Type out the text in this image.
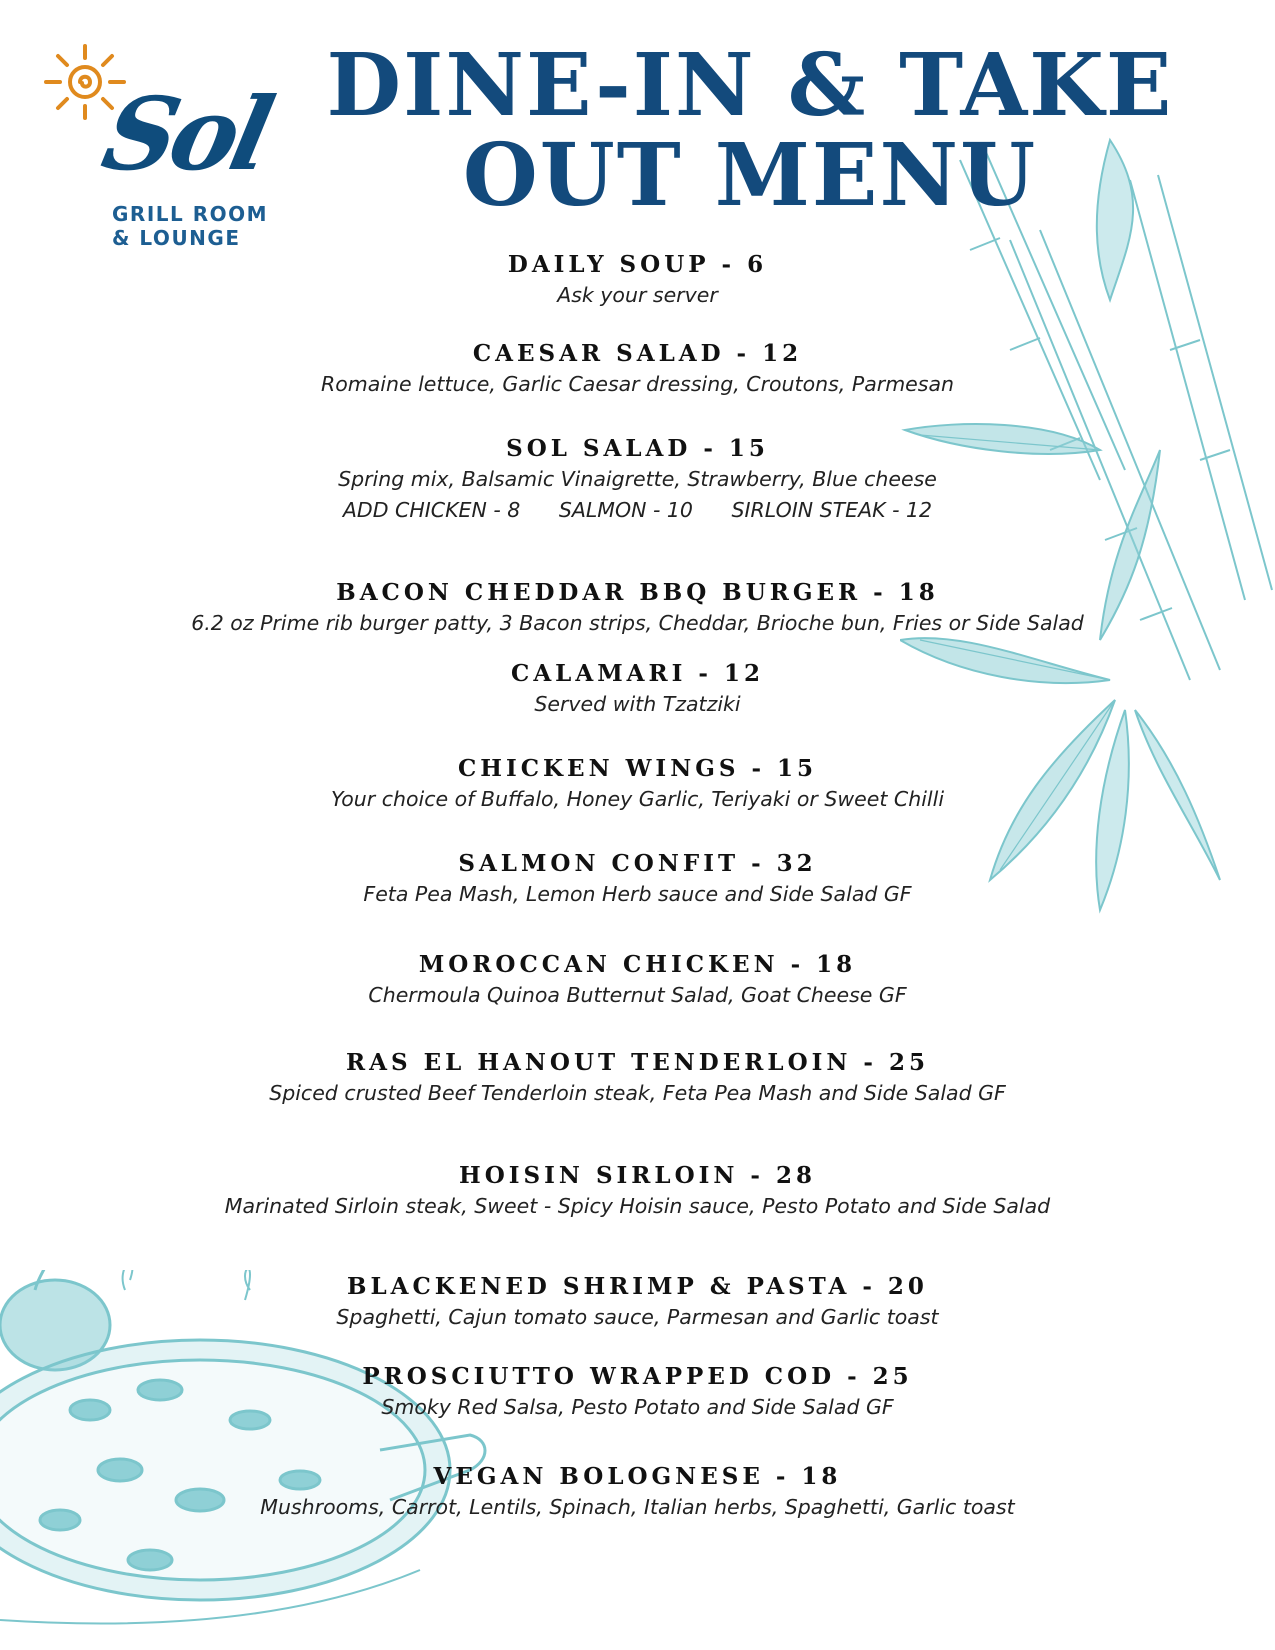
Sol
GRILL ROOM
& LOUNGE
DINE-IN & TAKE
OUT MENU
DAILY SOUP - 6
Ask your server
CAESAR SALAD - 12
Romaine lettuce, Garlic Caesar dressing, Croutons, Parmesan
SOL SALAD - 15
Spring mix, Balsamic Vinaigrette, Strawberry, Blue cheese
ADD CHICKEN - 8 SALMON - 10 SIRLOIN STEAK - 12
BACON CHEDDAR BBQ BURGER - 18
6.2 oz Prime rib burger patty, 3 Bacon strips, Cheddar, Brioche bun, Fries or Side Salad
CALAMARI - 12
Served with Tzatziki
CHICKEN WINGS - 15
Your choice of Buffalo, Honey Garlic, Teriyaki or Sweet Chilli
SALMON CONFIT - 32
Feta Pea Mash, Lemon Herb sauce and Side Salad GF
MOROCCAN CHICKEN - 18
Chermoula Quinoa Butternut Salad, Goat Cheese GF
RAS EL HANOUT TENDERLOIN - 25
Spiced crusted Beef Tenderloin steak, Feta Pea Mash and Side Salad GF
HOISIN SIRLOIN - 28
Marinated Sirloin steak, Sweet - Spicy Hoisin sauce, Pesto Potato and Side Salad
BLACKENED SHRIMP & PASTA - 20
Spaghetti, Cajun tomato sauce, Parmesan and Garlic toast
PROSCIUTTO WRAPPED COD - 25
Smoky Red Salsa, Pesto Potato and Side Salad GF
VEGAN BOLOGNESE - 18
Mushrooms, Carrot, Lentils, Spinach, Italian herbs, Spaghetti, Garlic toast
